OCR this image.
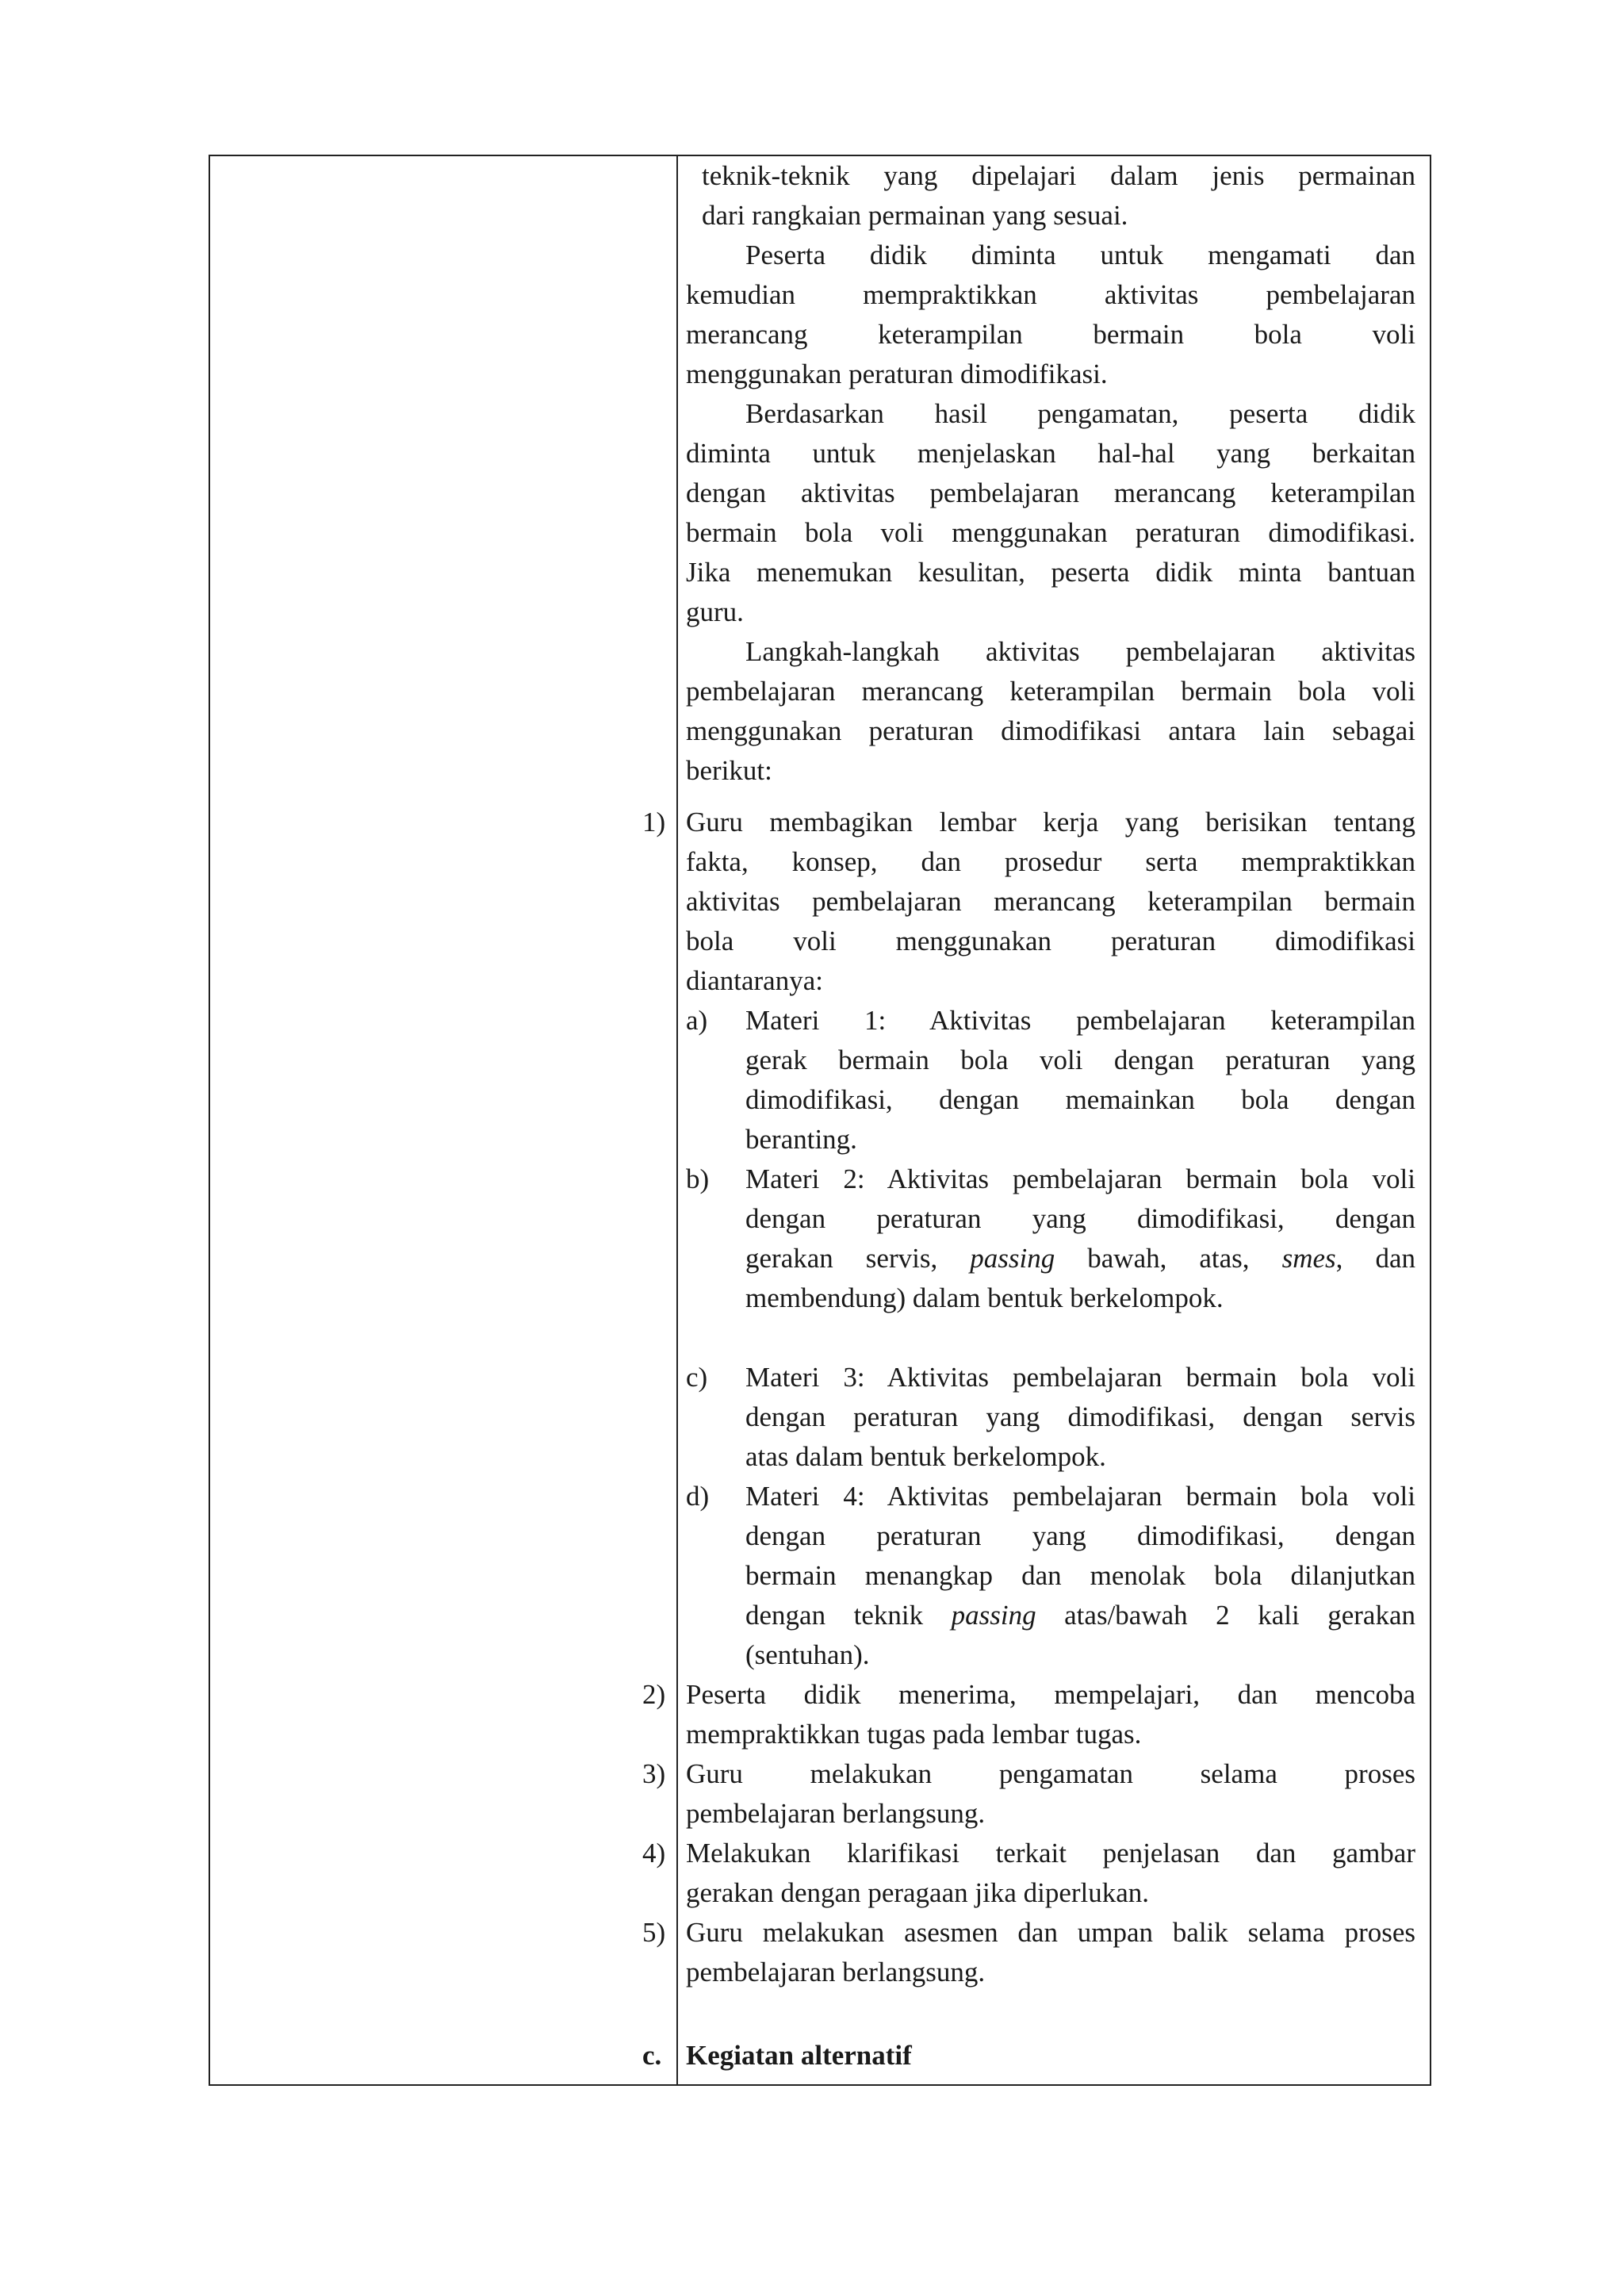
teknik-teknik yang dipelajari dalam jenis permainan
dari rangkaian permainan yang sesuai.
Peserta didik diminta untuk mengamati dan
kemudian mempraktikkan aktivitas pembelajaran
merancang keterampilan bermain bola voli
menggunakan peraturan dimodifikasi.
Berdasarkan hasil pengamatan, peserta didik
diminta untuk menjelaskan hal-hal yang berkaitan
dengan aktivitas pembelajaran merancang keterampilan
bermain bola voli menggunakan peraturan dimodifikasi.
Jika menemukan kesulitan, peserta didik minta bantuan
guru.
Langkah-langkah aktivitas pembelajaran aktivitas
pembelajaran merancang keterampilan bermain bola voli
menggunakan peraturan dimodifikasi antara lain sebagai
berikut:
1) Guru membagikan lembar kerja yang berisikan tentang
fakta, konsep, dan prosedur serta mempraktikkan
aktivitas pembelajaran merancang keterampilan bermain
bola voli menggunakan peraturan dimodifikasi
diantaranya:
a) Materi 1: Aktivitas pembelajaran keterampilan
gerak bermain bola voli dengan peraturan yang
dimodifikasi, dengan memainkan bola dengan
beranting.
b) Materi 2: Aktivitas pembelajaran bermain bola voli
dengan peraturan yang dimodifikasi, dengan
gerakan servis, passing bawah, atas, smes, dan
membendung) dalam bentuk berkelompok.
c) Materi 3: Aktivitas pembelajaran bermain bola voli
dengan peraturan yang dimodifikasi, dengan servis
atas dalam bentuk berkelompok.
d) Materi 4: Aktivitas pembelajaran bermain bola voli
dengan peraturan yang dimodifikasi, dengan
bermain menangkap dan menolak bola dilanjutkan
dengan teknik passing atas/bawah 2 kali gerakan
(sentuhan).
2) Peserta didik menerima, mempelajari, dan mencoba
mempraktikkan tugas pada lembar tugas.
3) Guru melakukan pengamatan selama proses
pembelajaran berlangsung.
4) Melakukan klarifikasi terkait penjelasan dan gambar
gerakan dengan peragaan jika diperlukan.
5) Guru melakukan asesmen dan umpan balik selama proses
pembelajaran berlangsung.
c. Kegiatan alternatif
